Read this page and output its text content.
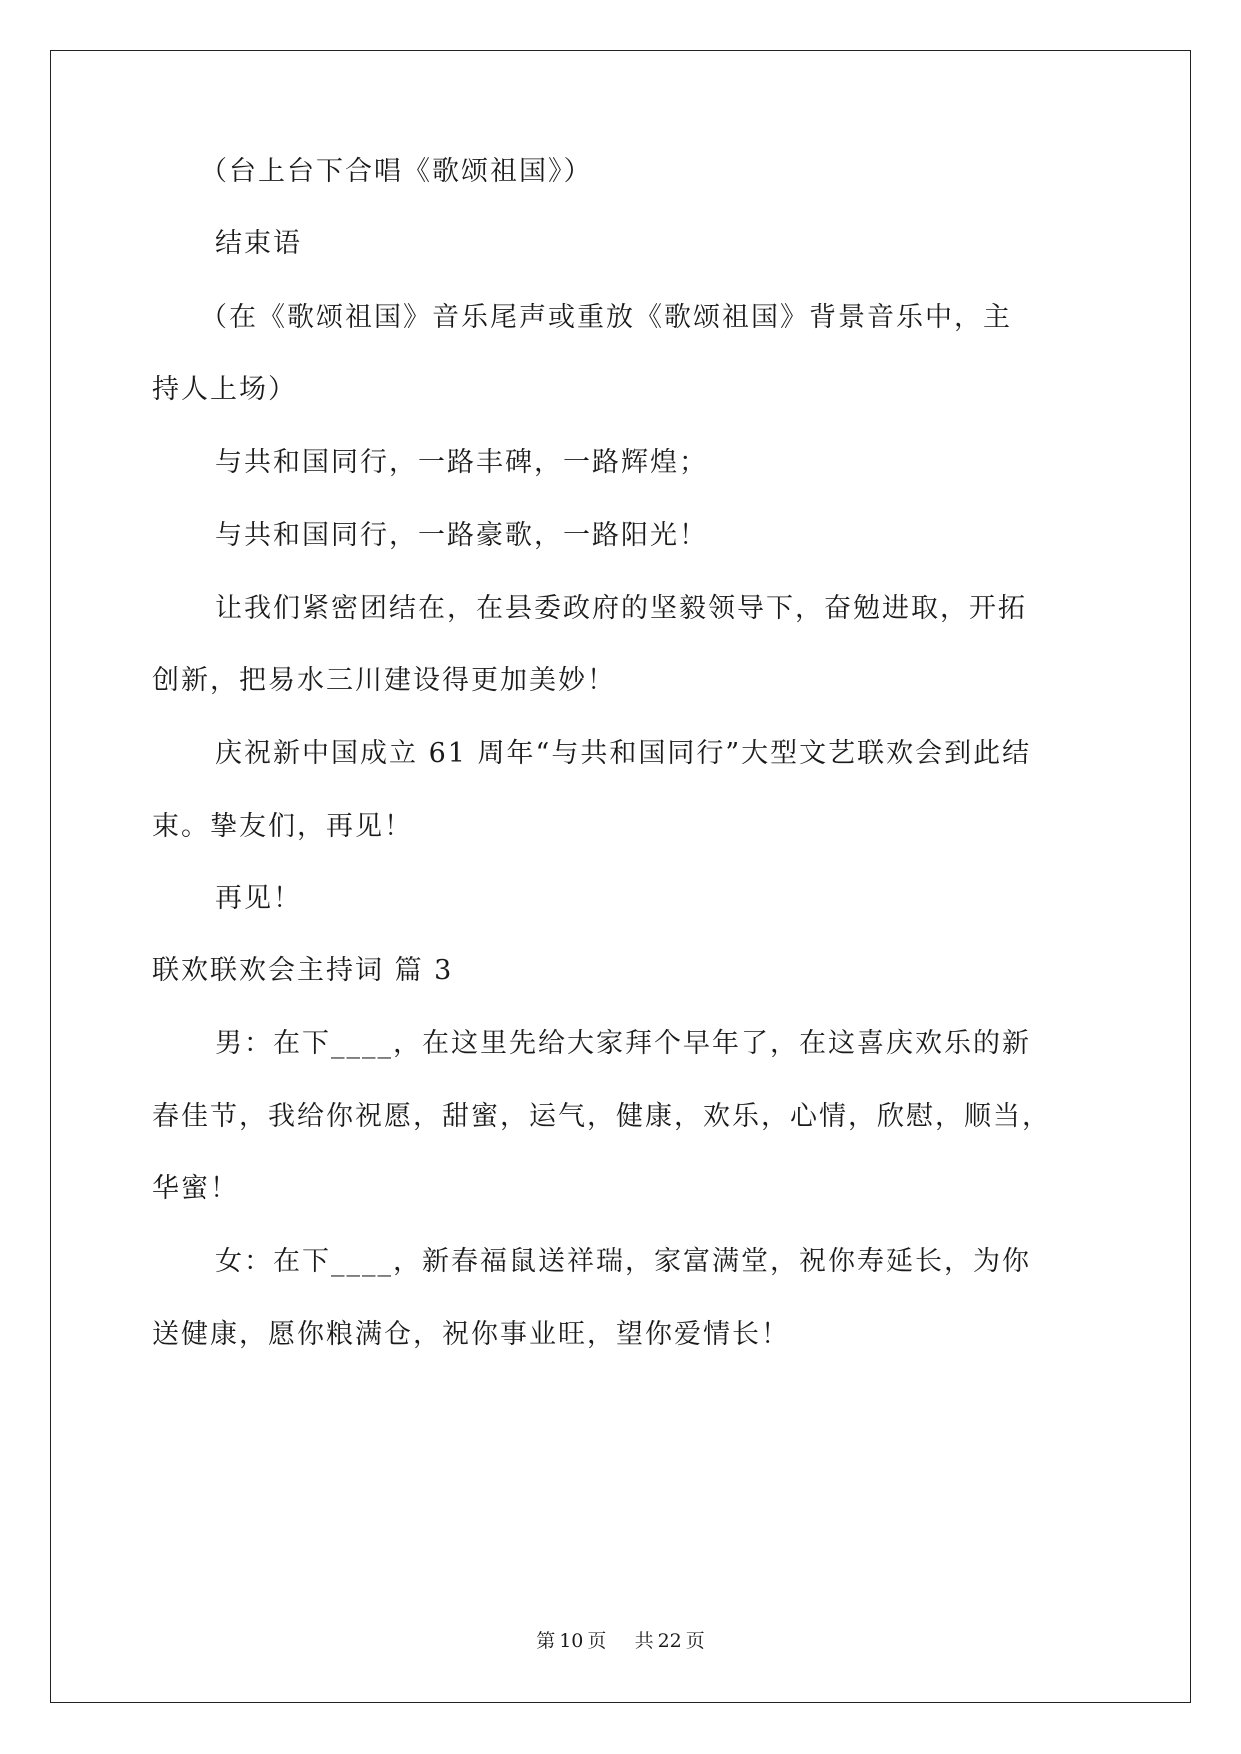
（台上台下合唱《歌颂祖国》）
结束语
（在《歌颂祖国》音乐尾声或重放《歌颂祖国》背景音乐中，主
持人上场）
与共和国同行，一路丰碑，一路辉煌；
与共和国同行，一路豪歌，一路阳光！
让我们紧密团结在，在县委政府的坚毅领导下，奋勉进取，开拓
创新，把易水三川建设得更加美妙！
庆祝新中国成立 61 周年“与共和国同行”大型文艺联欢会到此结
束。挚友们，再见！
再见！
联欢联欢会主持词 篇 3
男：在下____，在这里先给大家拜个早年了，在这喜庆欢乐的新
春佳节，我给你祝愿，甜蜜，运气，健康，欢乐，心情，欣慰，顺当，
华蜜！
女：在下____，新春福鼠送祥瑞，家富满堂，祝你寿延长，为你
送健康，愿你粮满仓，祝你事业旺，望你爱情长！
第 10 页 共 22 页
